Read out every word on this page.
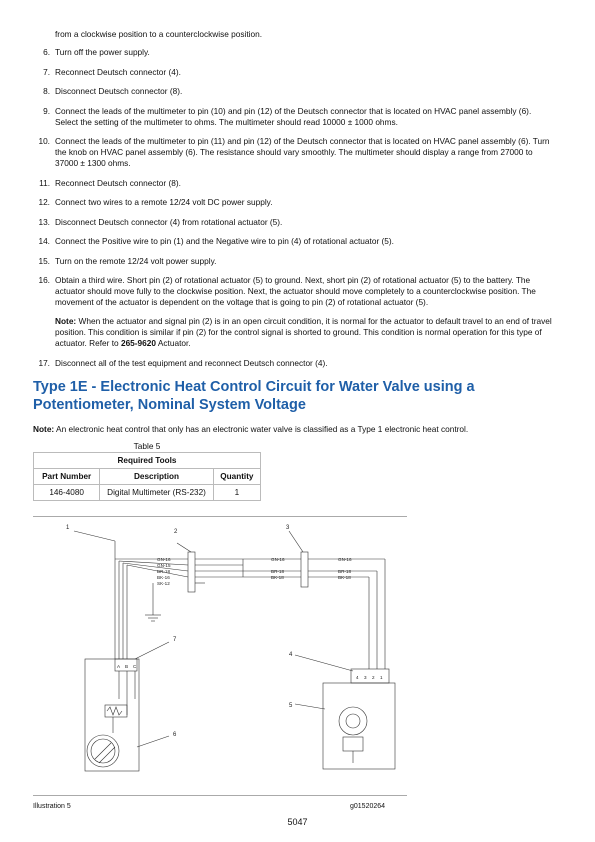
from a clockwise position to a counterclockwise position.
6. Turn off the power supply.
7. Reconnect Deutsch connector (4).
8. Disconnect Deutsch connector (8).
9. Connect the leads of the multimeter to pin (10) and pin (12) of the Deutsch connector that is located on HVAC panel assembly (6). Select the setting of the multimeter to ohms. The multimeter should read 10000 ± 1000 ohms.
10. Connect the leads of the multimeter to pin (11) and pin (12) of the Deutsch connector that is located on HVAC panel assembly (6). Turn the knob on HVAC panel assembly (6). The resistance should vary smoothly. The multimeter should display a range from 27000 to 37000 ± 1300 ohms.
11. Reconnect Deutsch connector (8).
12. Connect two wires to a remote 12/24 volt DC power supply.
13. Disconnect Deutsch connector (4) from rotational actuator (5).
14. Connect the Positive wire to pin (1) and the Negative wire to pin (4) of rotational actuator (5).
15. Turn on the remote 12/24 volt power supply.
16. Obtain a third wire. Short pin (2) of rotational actuator (5) to ground. Next, short pin (2) of rotational actuator (5) to the battery. The actuator should move fully to the clockwise position. Next, the actuator should move completely to a counterclockwise position. The movement of the actuator is dependent on the voltage that is going to pin (2) of rotational actuator (5).
Note: When the actuator and signal pin (2) is in an open circuit condition, it is normal for the actuator to default travel to an end of travel position. This condition is similar if pin (2) for the control signal is shorted to ground. This condition is normal operation for this type of actuator. Refer to 265-9620 Actuator.
17. Disconnect all of the test equipment and reconnect Deutsch connector (4).
Type 1E - Electronic Heat Control Circuit for Water Valve using a Potentiometer, Nominal System Voltage
Note: An electronic heat control that only has an electronic water valve is classified as a Type 1 electronic heat control.
Table 5
Required Tools		
Part Number	Description	Quantity
146-4080	Digital Multimeter (RS-232)	1
1
2
3
4
5
6
7
GN-16
GN-15
BR-18
BK-16
SK-12
GN-16
BR-18
BK-18
GN-16
BR-18
BK-18
A B C
4 3 2 1
Illustration 5	g01520264
5047
